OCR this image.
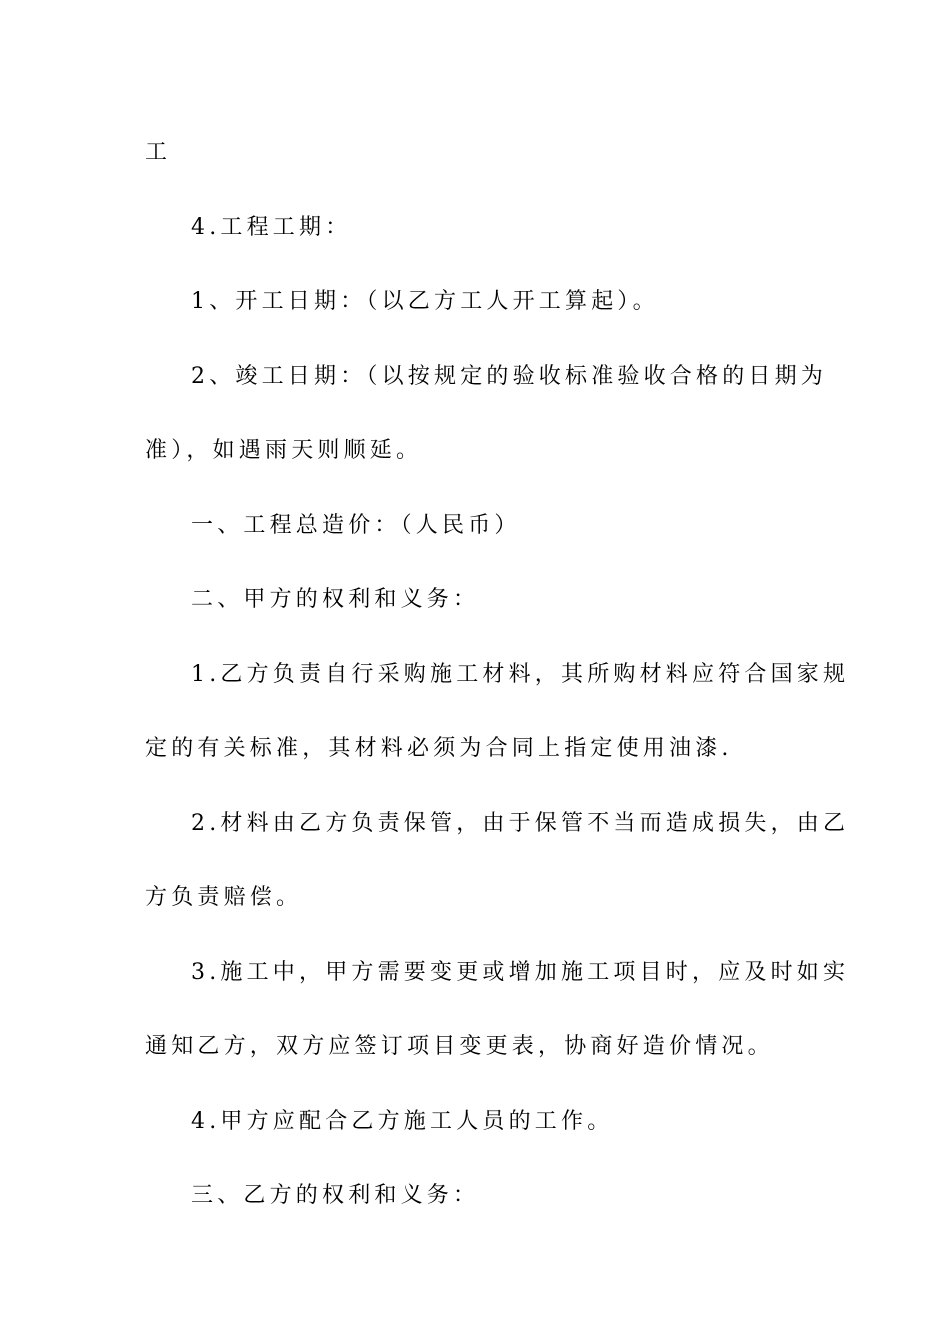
工
4.工程工期：
1、开工日期：（以乙方工人开工算起）。
2、竣工日期：（以按规定的验收标准验收合格的日期为
准），如遇雨天则顺延。
一、工程总造价：（人民币）
二、甲方的权利和义务：
1.乙方负责自行采购施工材料，其所购材料应符合国家规
定的有关标准，其材料必须为合同上指定使用油漆.
2.材料由乙方负责保管，由于保管不当而造成损失，由乙
方负责赔偿。
3.施工中，甲方需要变更或增加施工项目时，应及时如实
通知乙方，双方应签订项目变更表，协商好造价情况。
4.甲方应配合乙方施工人员的工作。
三、乙方的权利和义务：
